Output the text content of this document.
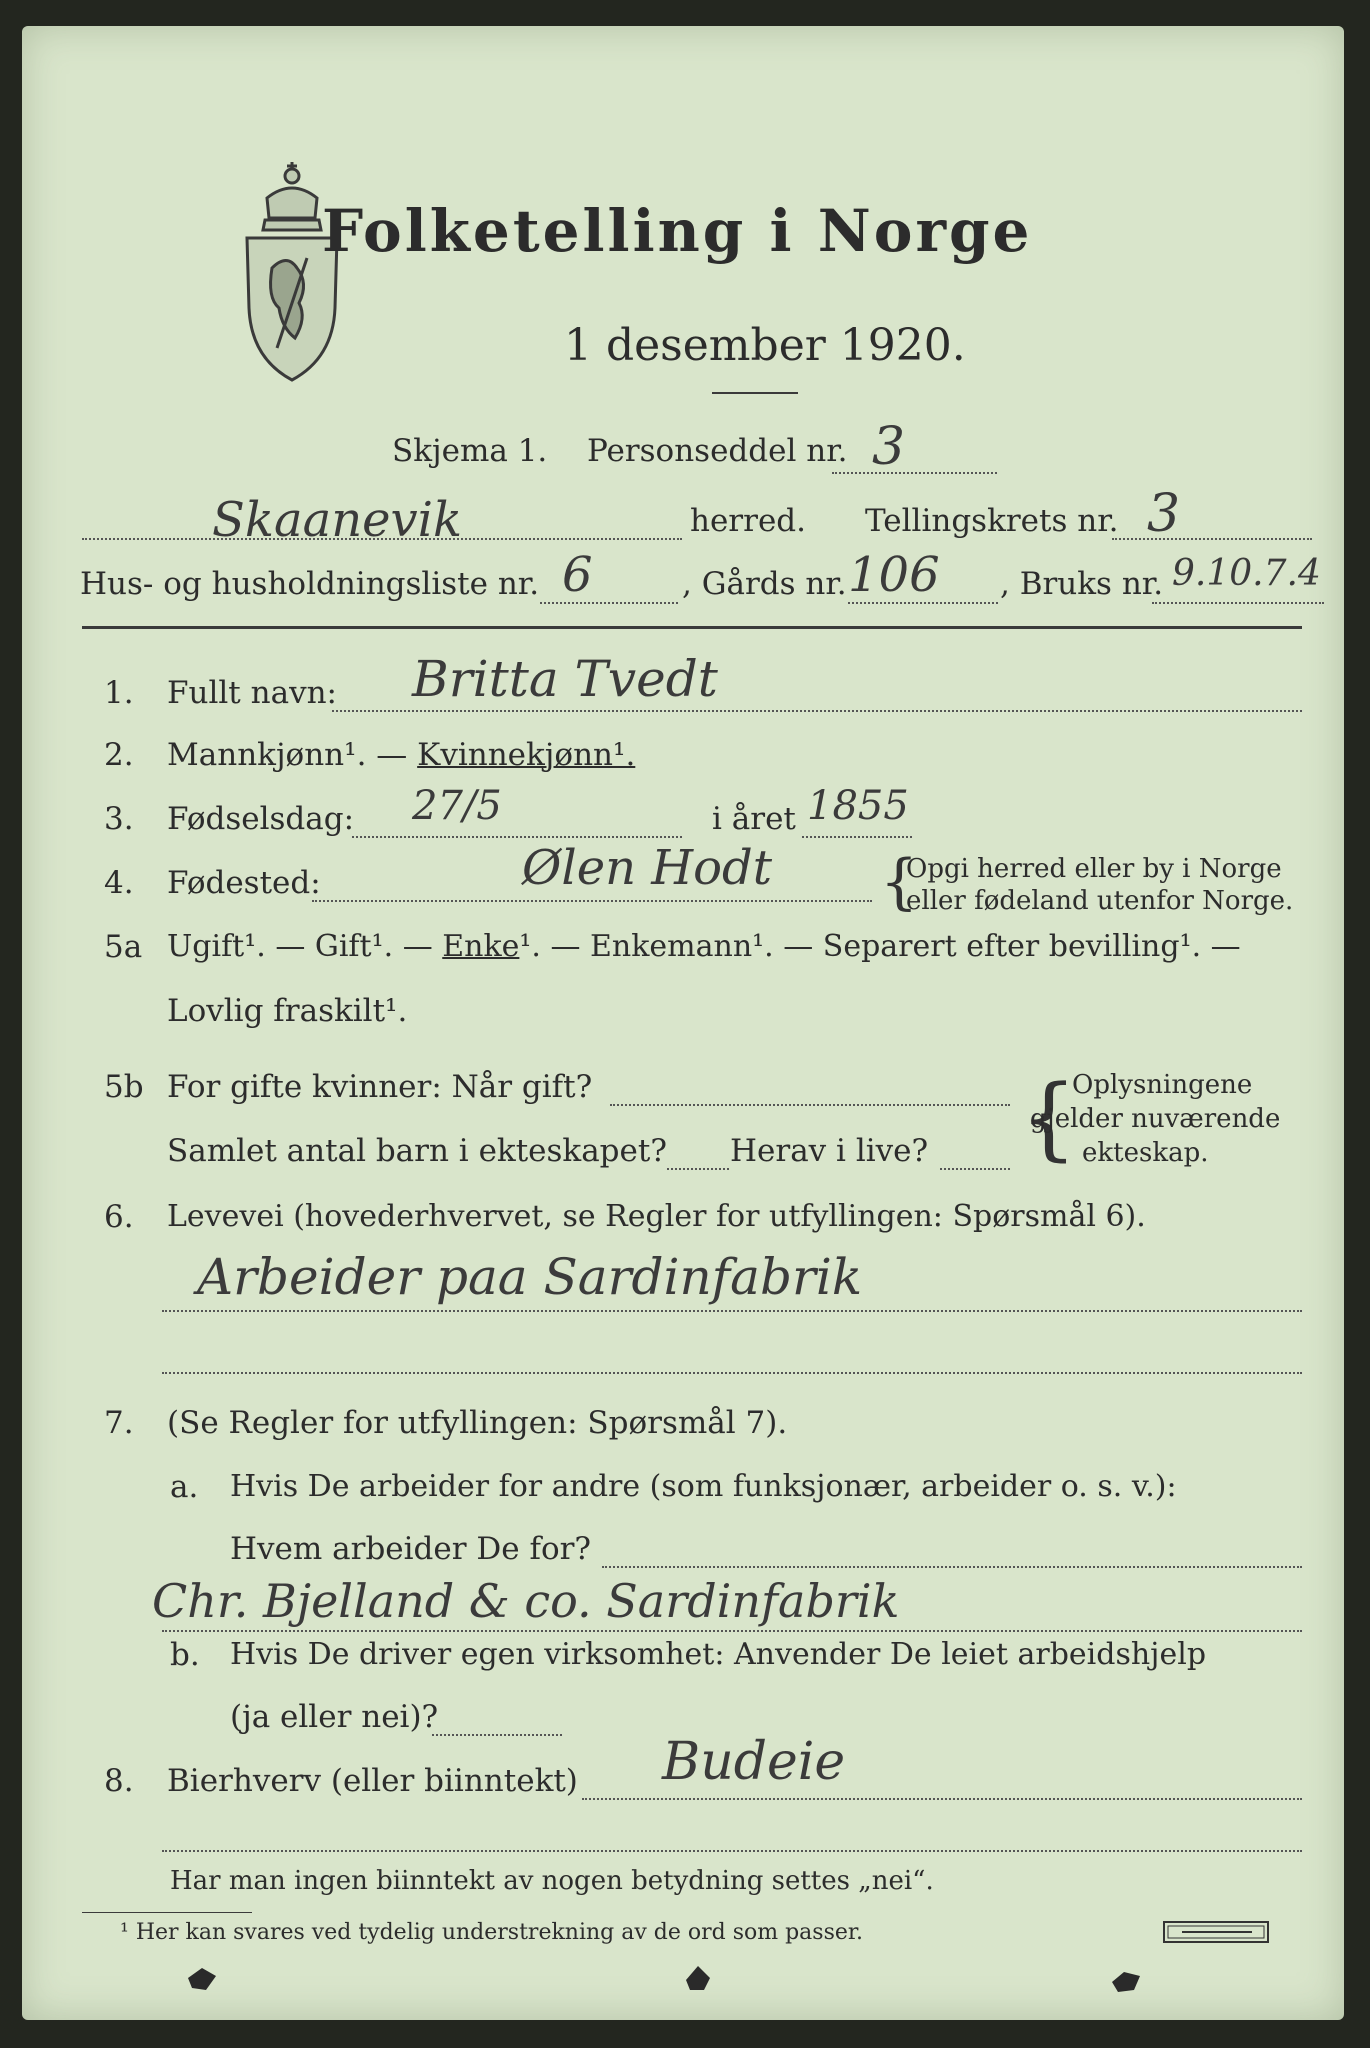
Folketelling i Norge
1 desember 1920.
Skjema 1. Personseddel nr. 3
Skaanevik	herred. Tellingskrets nr. 3
Hus- og husholdningsliste nr. 6	, Gårds nr. 106 , Bruks nr. 9.10.7.4
1. Fullt navn: Britta Tvedt
2. Mannkjønn¹. — Kvinnekjønn¹.
3. Fødselsdag: 27/5	i året 1855
4. Fødested:	Ølen Hodt {
Opgi herred eller by i Norge
eller fødeland utenfor Norge.
5a Ugift¹. — Gift¹. — Enke¹. — Enkemann¹. — Separert efter bevilling¹. —
Lovlig fraskilt¹.
5b For gifte kvinner: Når gift?
Samlet antal barn i ekteskapet? Herav i live? {
Oplysningene
gjelder nuværende
ekteskap.
6. Levevei (hovederhvervet, se Regler for utfyllingen: Spørsmål 6).
Arbeider paa Sardinfabrik
7. (Se Regler for utfyllingen: Spørsmål 7).
a. Hvis De arbeider for andre (som funksjonær, arbeider o. s. v.):
Hvem arbeider De for?
Chr. Bjelland & co. Sardinfabrik
b. Hvis De driver egen virksomhet: Anvender De leiet arbeidshjelp
(ja eller nei)?
8. Bierhverv (eller biinntekt) Budeie
Har man ingen biinntekt av nogen betydning settes „nei“.
¹ Her kan svares ved tydelig understrekning av de ord som passer.
